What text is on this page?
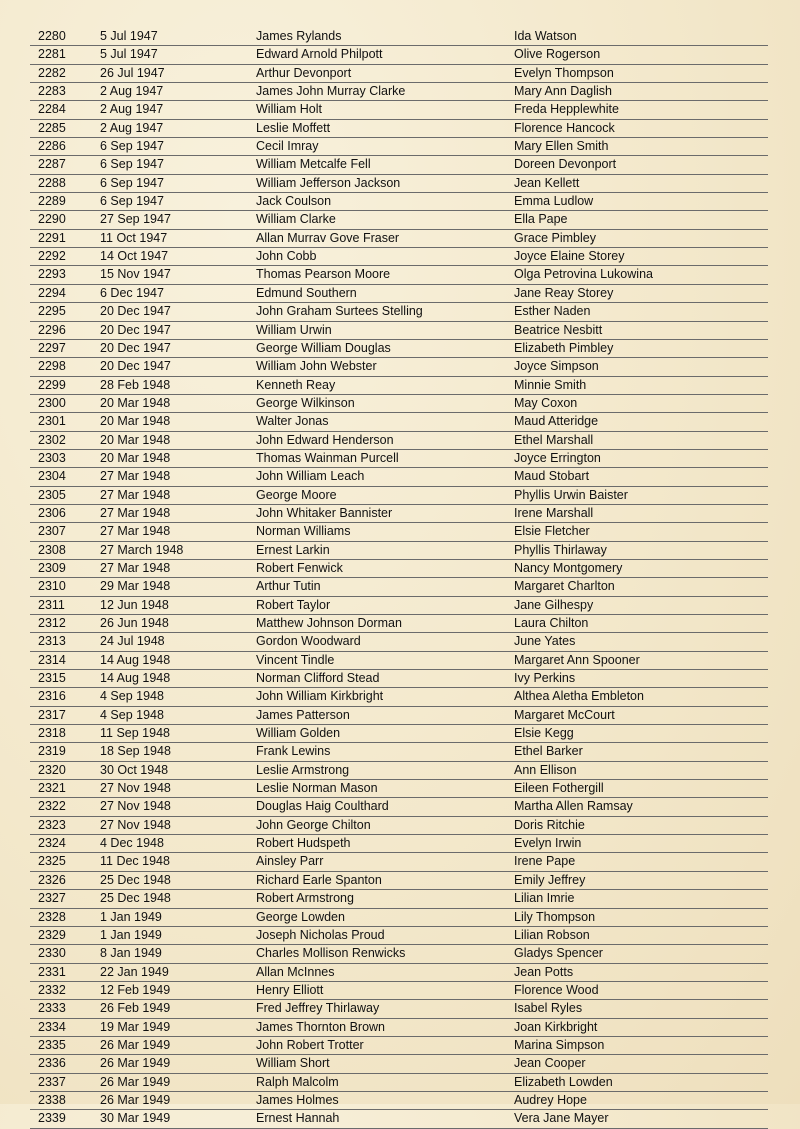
2280	5 Jul 1947	James Rylands	Ida Watson
2281	5 Jul 1947	Edward Arnold Philpott	Olive Rogerson
2282	26 Jul 1947	Arthur Devonport	Evelyn Thompson
2283	2 Aug 1947	James John Murray Clarke	Mary Ann Daglish
2284	2 Aug 1947	William Holt	Freda Hepplewhite
2285	2 Aug 1947	Leslie Moffett	Florence Hancock
2286	6 Sep 1947	Cecil Imray	Mary Ellen Smith
2287	6 Sep 1947	William Metcalfe Fell	Doreen Devonport
2288	6 Sep 1947	William Jefferson Jackson	Jean Kellett
2289	6 Sep 1947	Jack Coulson	Emma Ludlow
2290	27 Sep 1947	William Clarke	Ella Pape
2291	11 Oct 1947	Allan Murrav Gove Fraser	Grace Pimbley
2292	14 Oct 1947	John Cobb	Joyce Elaine Storey
2293	15 Nov 1947	Thomas Pearson Moore	Olga Petrovina Lukowina
2294	6 Dec 1947	Edmund Southern	Jane Reay Storey
2295	20 Dec 1947	John Graham Surtees Stelling	Esther Naden
2296	20 Dec 1947	William Urwin	Beatrice Nesbitt
2297	20 Dec 1947	George William Douglas	Elizabeth Pimbley
2298	20 Dec 1947	William John Webster	Joyce Simpson
2299	28 Feb 1948	Kenneth Reay	Minnie Smith
2300	20 Mar 1948	George Wilkinson	May Coxon
2301	20 Mar 1948	Walter Jonas	Maud Atteridge
2302	20 Mar 1948	John Edward Henderson	Ethel Marshall
2303	20 Mar 1948	Thomas Wainman Purcell	Joyce Errington
2304	27 Mar 1948	John William Leach	Maud Stobart
2305	27 Mar 1948	George Moore	Phyllis Urwin Baister
2306	27 Mar 1948	John Whitaker Bannister	Irene Marshall
2307	27 Mar 1948	Norman Williams	Elsie Fletcher
2308	27 March 1948	Ernest Larkin	Phyllis Thirlaway
2309	27 Mar 1948	Robert Fenwick	Nancy Montgomery
2310	29 Mar 1948	Arthur Tutin	Margaret Charlton
2311	12 Jun 1948	Robert Taylor	Jane Gilhespy
2312	26 Jun 1948	Matthew Johnson Dorman	Laura Chilton
2313	24 Jul 1948	Gordon Woodward	June Yates
2314	14 Aug 1948	Vincent Tindle	Margaret Ann Spooner
2315	14 Aug 1948	Norman Clifford Stead	Ivy Perkins
2316	4 Sep 1948	John William Kirkbright	Althea Aletha Embleton
2317	4 Sep 1948	James Patterson	Margaret McCourt
2318	11 Sep 1948	William Golden	Elsie Kegg
2319	18 Sep 1948	Frank Lewins	Ethel Barker
2320	30 Oct 1948	Leslie Armstrong	Ann Ellison
2321	27 Nov 1948	Leslie Norman Mason	Eileen Fothergill
2322	27 Nov 1948	Douglas Haig Coulthard	Martha Allen Ramsay
2323	27 Nov 1948	John George Chilton	Doris Ritchie
2324	4 Dec 1948	Robert Hudspeth	Evelyn Irwin
2325	11 Dec 1948	Ainsley Parr	Irene Pape
2326	25 Dec 1948	Richard Earle Spanton	Emily Jeffrey
2327	25 Dec 1948	Robert Armstrong	Lilian Imrie
2328	1 Jan 1949	George Lowden	Lily Thompson
2329	1 Jan 1949	Joseph Nicholas Proud	Lilian Robson
2330	8 Jan 1949	Charles Mollison Renwicks	Gladys Spencer
2331	22 Jan 1949	Allan McInnes	Jean Potts
2332	12 Feb 1949	Henry Elliott	Florence Wood
2333	26 Feb 1949	Fred Jeffrey Thirlaway	Isabel Ryles
2334	19 Mar 1949	James Thornton Brown	Joan Kirkbright
2335	26 Mar 1949	John Robert Trotter	Marina Simpson
2336	26 Mar 1949	William Short	Jean Cooper
2337	26 Mar 1949	Ralph Malcolm	Elizabeth Lowden
2338	26 Mar 1949	James Holmes	Audrey Hope
2339	30 Mar 1949	Ernest Hannah	Vera Jane Mayer
